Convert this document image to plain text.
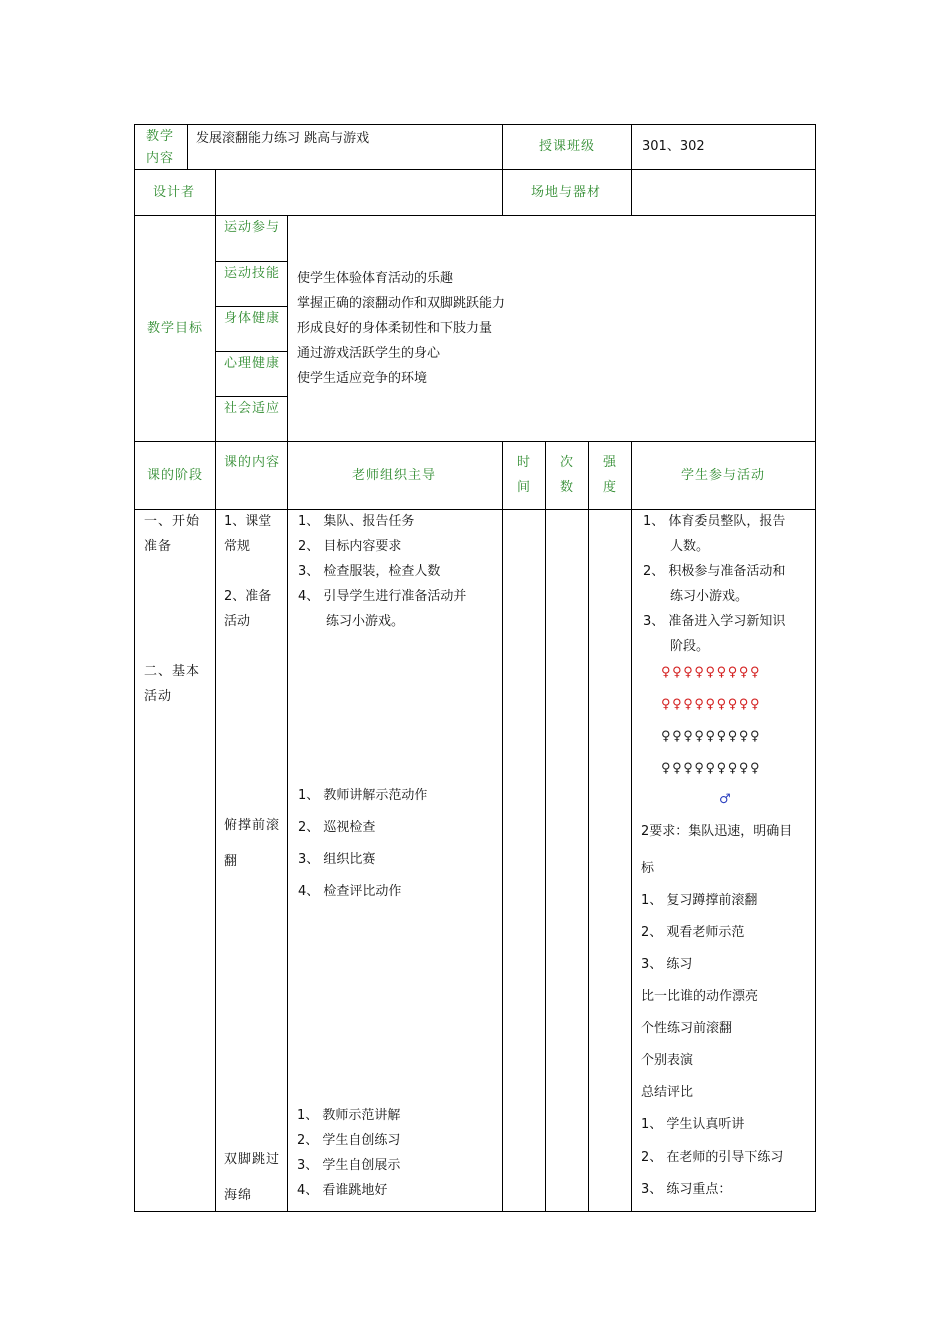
教学内容
发展滚翻能力练习 跳高与游戏
授课班级	301、302
设计者	场地与器材
教学目标
运动参与
运动技能
身体健康
心理健康
社会适应
使学生体验体育活动的乐趣
掌握正确的滚翻动作和双脚跳跃能力
形成良好的身体柔韧性和下肢力量
通过游戏活跃学生的身心
使学生适应竞争的环境
课的阶段
课的内容
老师组织主导
时间
次数
强度
学生参与活动
一、开始准备
二、基本活动
1、课堂常规
2、准备活动
俯撑前滚翻
双脚跳过海绵
1、 集队、报告任务
2、 目标内容要求
3、 检查服装，检查人数
4、 引导学生进行准备活动并
练习小游戏。
1、 教师讲解示范动作
2、 巡视检查
3、 组织比赛
4、 检查评比动作
1、 教师示范讲解
2、 学生自创练习
3、 学生自创展示
4、 看谁跳地好
1、 体育委员整队，报告
人数。
2、 积极参与准备活动和
练习小游戏。
3、 准备进入学习新知识
阶段。
♀♀♀♀♀♀♀♀♀
♀♀♀♀♀♀♀♀♀
♀♀♀♀♀♀♀♀♀
♀♀♀♀♀♀♀♀♀
♂
2要求：集队迅速，明确目
标
1、 复习蹲撑前滚翻
2、 观看老师示范
3、 练习
比一比谁的动作漂亮
个性练习前滚翻
个别表演
总结评比
1、 学生认真听讲
2、 在老师的引导下练习
3、 练习重点：
